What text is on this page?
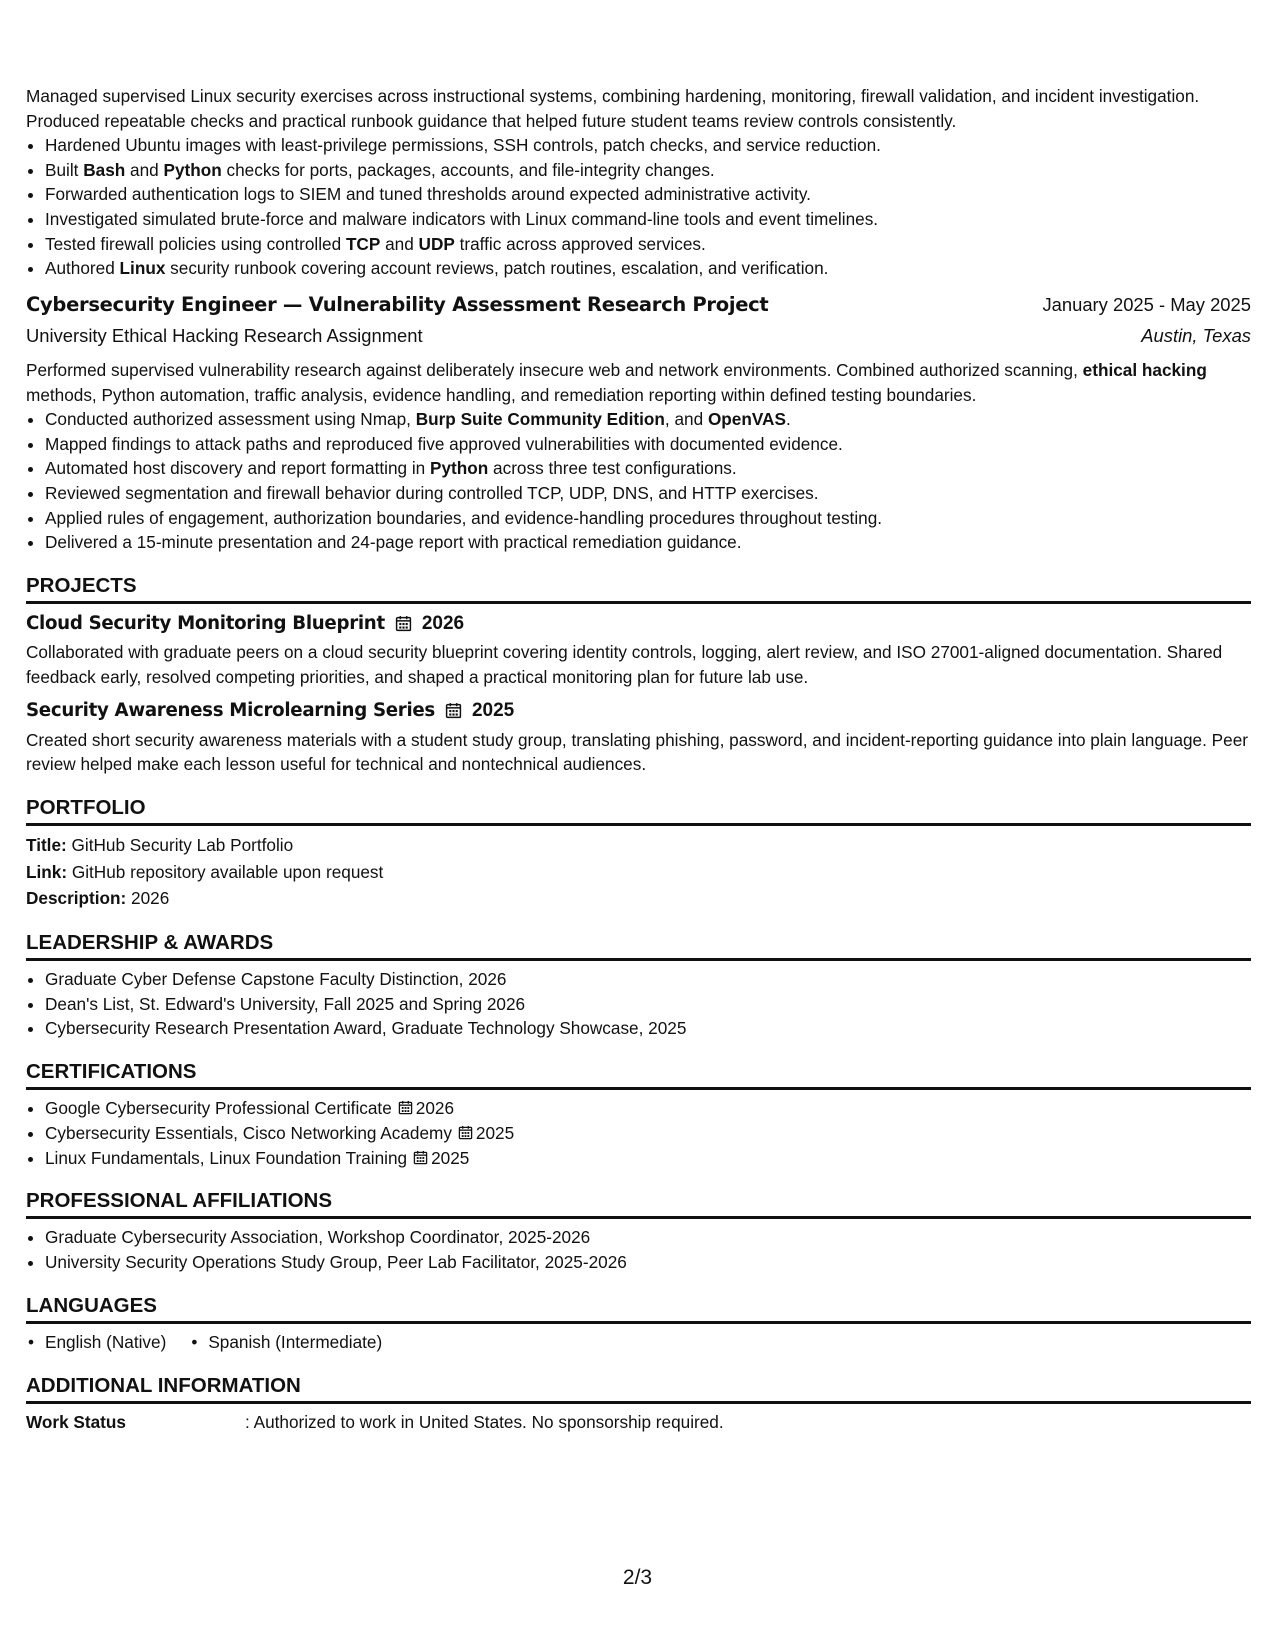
Managed supervised Linux security exercises across instructional systems, combining hardening, monitoring, firewall validation, and incident investigation. Produced repeatable checks and practical runbook guidance that helped future student teams review controls consistently.

• Hardened Ubuntu images with least-privilege permissions, SSH controls, patch checks, and service reduction.
• Built Bash and Python checks for ports, packages, accounts, and file-integrity changes.
• Forwarded authentication logs to SIEM and tuned thresholds around expected administrative activity.
• Investigated simulated brute-force and malware indicators with Linux command-line tools and event timelines.
• Tested firewall policies using controlled TCP and UDP traffic across approved services.
• Authored Linux security runbook covering account reviews, patch routines, escalation, and verification.
Cybersecurity Engineer — Vulnerability Assessment Research Project	January 2025 - May 2025
University Ethical Hacking Research Assignment	Austin, Texas

Performed supervised vulnerability research against deliberately insecure web and network environments. Combined authorized scanning, ethical hacking methods, Python automation, traffic analysis, evidence handling, and remediation reporting within defined testing boundaries.

• Conducted authorized assessment using Nmap, Burp Suite Community Edition, and OpenVAS.
• Mapped findings to attack paths and reproduced five approved vulnerabilities with documented evidence.
• Automated host discovery and report formatting in Python across three test configurations.
• Reviewed segmentation and firewall behavior during controlled TCP, UDP, DNS, and HTTP exercises.
• Applied rules of engagement, authorization boundaries, and evidence-handling procedures throughout testing.
• Delivered a 15-minute presentation and 24-page report with practical remediation guidance.
PROJECTS
Cloud Security Monitoring Blueprint 2026

Collaborated with graduate peers on a cloud security blueprint covering identity controls, logging, alert review, and ISO 27001-aligned documentation. Shared feedback early, resolved competing priorities, and shaped a practical monitoring plan for future lab use.

Security Awareness Microlearning Series 2025

Created short security awareness materials with a student study group, translating phishing, password, and incident-reporting guidance into plain language. Peer review helped make each lesson useful for technical and nontechnical audiences.

PORTFOLIO
Title: GitHub Security Lab Portfolio
Link: GitHub repository available upon request
Description: 2026
LEADERSHIP & AWARDS
• Graduate Cyber Defense Capstone Faculty Distinction, 2026
• Dean's List, St. Edward's University, Fall 2025 and Spring 2026
• Cybersecurity Research Presentation Award, Graduate Technology Showcase, 2025
CERTIFICATIONS
• Google Cybersecurity Professional Certificate 2026
• Cybersecurity Essentials, Cisco Networking Academy 2025
• Linux Fundamentals, Linux Foundation Training 2025
PROFESSIONAL AFFILIATIONS
• Graduate Cybersecurity Association, Workshop Coordinator, 2025-2026
• University Security Operations Study Group, Peer Lab Facilitator, 2025-2026
LANGUAGES
• English (Native)
•	Spanish (Intermediate)
ADDITIONAL INFORMATION
Work Status	: Authorized to work in United States. No sponsorship required.
2/3
